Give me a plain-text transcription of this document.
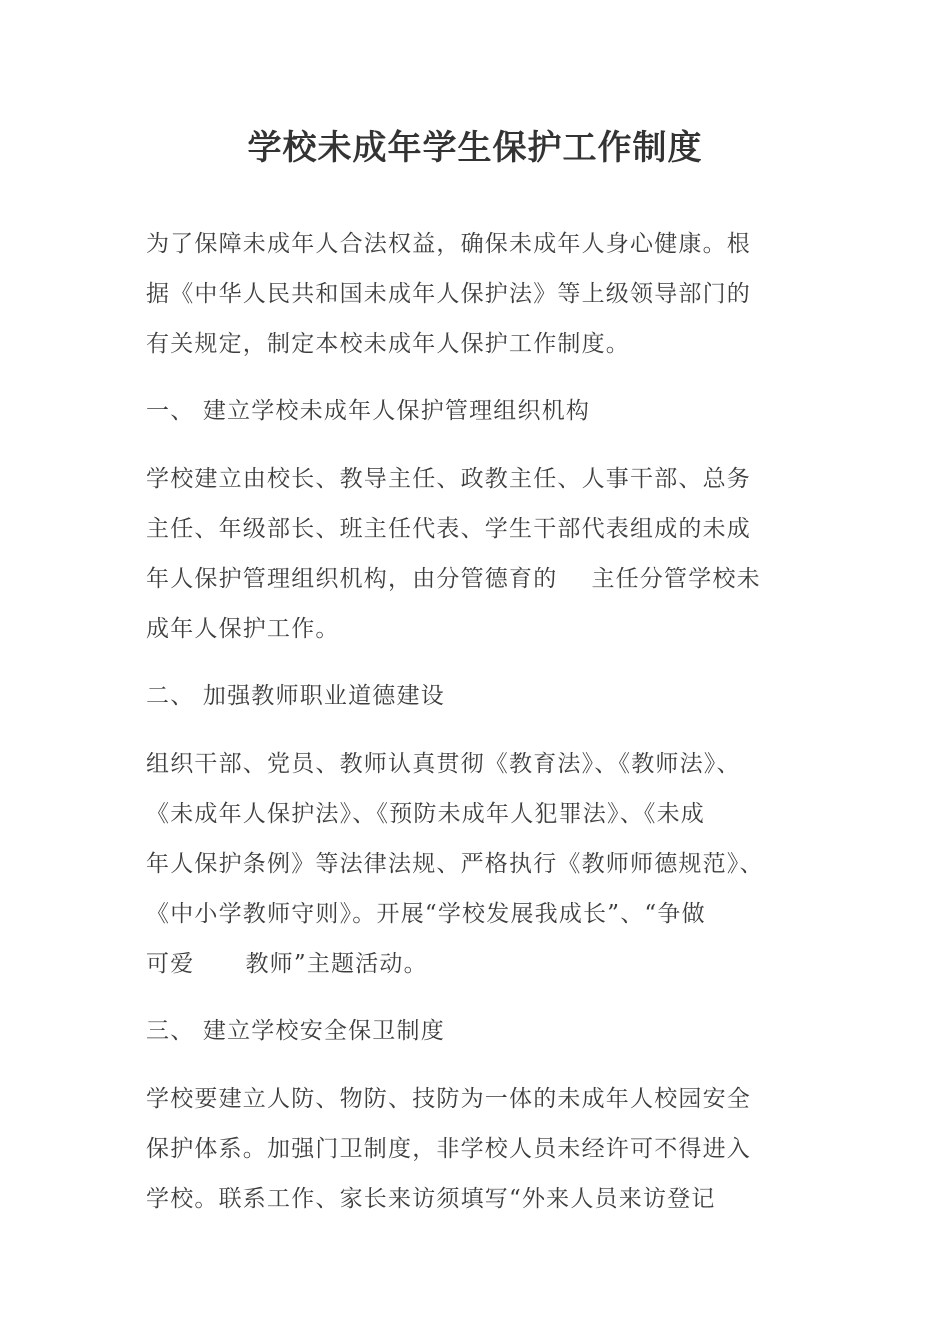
学校未成年学生保护工作制度
为了保障未成年人合法权益，确保未成年人身心健康。根
据《中华人民共和国未成年人保护法》等上级领导部门的
有关规定，制定本校未成年人保护工作制度。
一、 建立学校未成年人保护管理组织机构
学校建立由校长、教导主任、政教主任、人事干部、总务
主任、年级部长、班主任代表、学生干部代表组成的未成
年人保护管理组织机构，由分管德育的    主任分管学校未
成年人保护工作。
二、 加强教师职业道德建设
组织干部、党员、教师认真贯彻《教育法》、《教师法》、
《未成年人保护法》、《预防未成年人犯罪法》、《未成
年人保护条例》等法律法规、严格执行《教师师德规范》、
《中小学教师守则》。开展“学校发展我成长”、“争做
可爱      教师”主题活动。
三、 建立学校安全保卫制度
学校要建立人防、物防、技防为一体的未成年人校园安全
保护体系。加强门卫制度，非学校人员未经许可不得进入
学校。联系工作、家长来访须填写“外来人员来访登记
